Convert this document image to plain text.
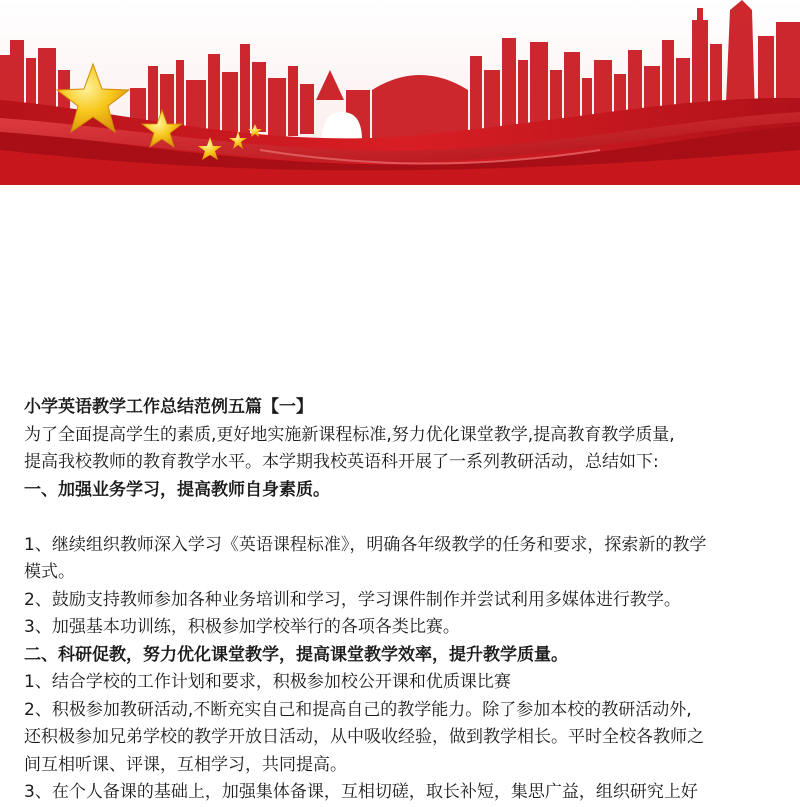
小学英语教学工作总结范例五篇【一】

为了全面提高学生的素质,更好地实施新课程标准,努力优化课堂教学,提高教育教学质量,

提高我校教师的教育教学水平。本学期我校英语科开展了一系列教研活动，总结如下:

一、加强业务学习，提高教师自身素质。

1、继续组织教师深入学习《英语课程标准》，明确各年级教学的任务和要求，探索新的教学

模式。

2、鼓励支持教师参加各种业务培训和学习，学习课件制作并尝试利用多媒体进行教学。

3、加强基本功训练，积极参加学校举行的各项各类比赛。

二、科研促教，努力优化课堂教学，提高课堂教学效率，提升教学质量。

1、结合学校的工作计划和要求，积极参加校公开课和优质课比赛

2、积极参加教研活动,不断充实自己和提高自己的教学能力。除了参加本校的教研活动外,

还积极参加兄弟学校的教学开放日活动，从中吸收经验，做到教学相长。平时全校各教师之

间互相听课、评课，互相学习，共同提高。

3、在个人备课的基础上，加强集体备课，互相切磋，取长补短，集思广益，组织研究上好
